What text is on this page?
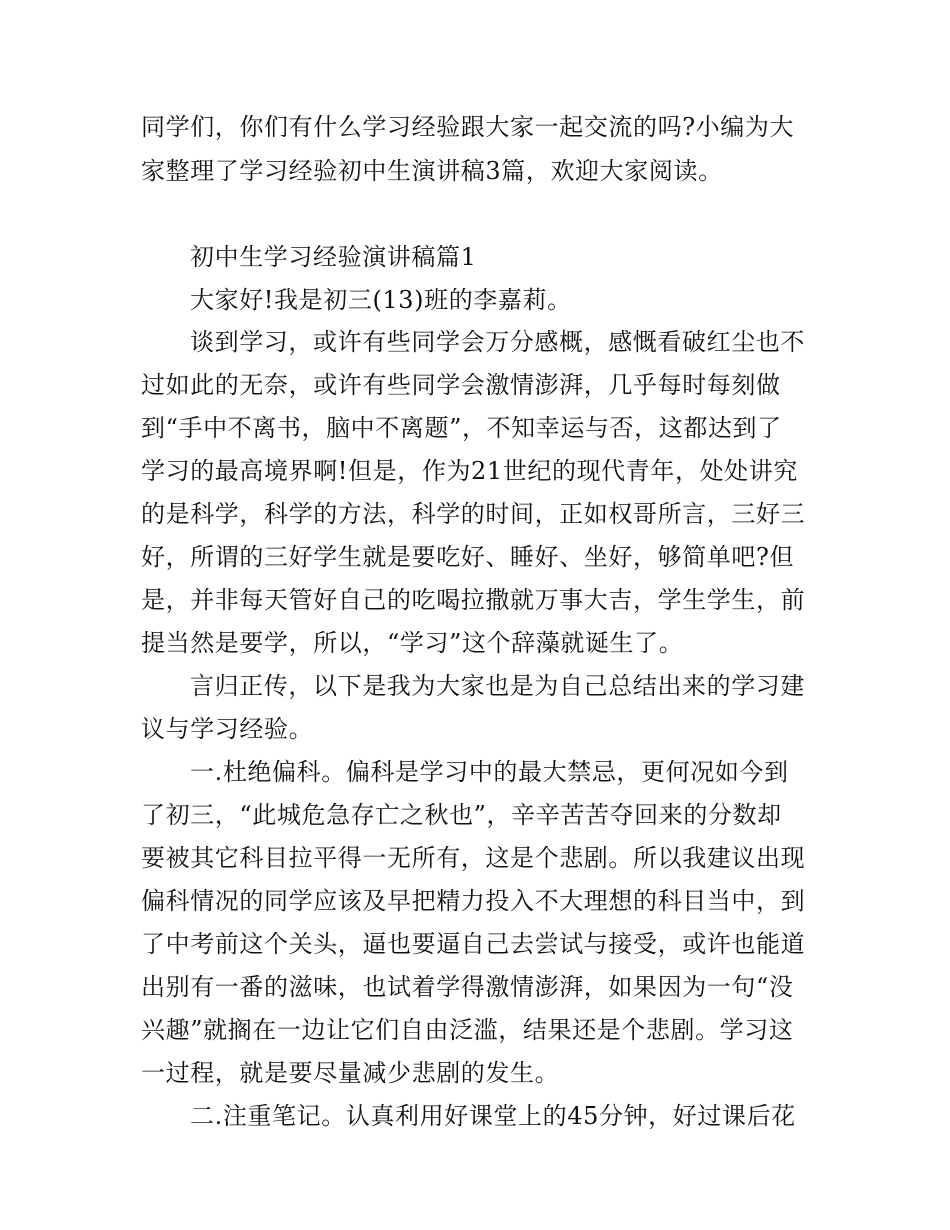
同学们，你们有什么学习经验跟大家一起交流的吗?小编为大
家整理了学习经验初中生演讲稿3篇，欢迎大家阅读。
初中生学习经验演讲稿篇1
大家好!我是初三(13)班的李嘉莉。
谈到学习，或许有些同学会万分感概，感慨看破红尘也不
过如此的无奈，或许有些同学会激情澎湃，几乎每时每刻做
到“手中不离书，脑中不离题”，不知幸运与否，这都达到了
学习的最高境界啊!但是，作为21世纪的现代青年，处处讲究
的是科学，科学的方法，科学的时间，正如权哥所言，三好三
好，所谓的三好学生就是要吃好、睡好、坐好，够简单吧?但
是，并非每天管好自己的吃喝拉撒就万事大吉，学生学生，前
提当然是要学，所以，“学习”这个辞藻就诞生了。
言归正传，以下是我为大家也是为自己总结出来的学习建
议与学习经验。
一.杜绝偏科。偏科是学习中的最大禁忌，更何况如今到
了初三，“此城危急存亡之秋也”，辛辛苦苦夺回来的分数却
要被其它科目拉平得一无所有，这是个悲剧。所以我建议出现
偏科情况的同学应该及早把精力投入不大理想的科目当中，到
了中考前这个关头，逼也要逼自己去尝试与接受，或许也能道
出别有一番的滋味，也试着学得激情澎湃，如果因为一句“没
兴趣”就搁在一边让它们自由泛滥，结果还是个悲剧。学习这
一过程，就是要尽量减少悲剧的发生。
二.注重笔记。认真利用好课堂上的45分钟，好过课后花
